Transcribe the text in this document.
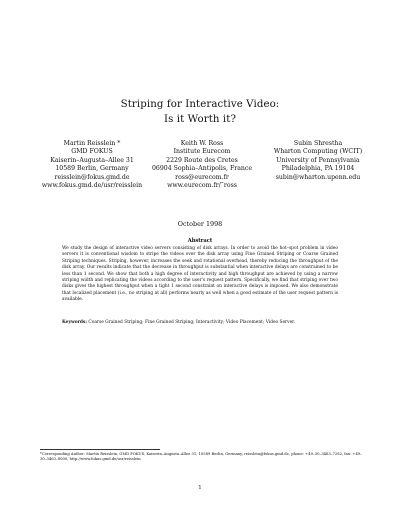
Striping for Interactive Video:
Is it Worth it?
Martin Reisslein *
GMD FOKUS
Kaiserin–Augusta–Allee 31
10589 Berlin, Germany
reisslein@fokus.gmd.de
www.fokus.gmd.de/usr/reisslein
Keith W. Ross
Institute Eurecom
2229 Route des Cretes
06904 Sophia–Antipolis, France
ross@eurecom.fr
www.eurecom.fr/˜ross
Subin Shrestha
Wharton Computing (WCIT)
University of Pennsylvania
Philadelphia, PA 19104
subin@wharton.upenn.edu
October 1998
Abstract
We study the design of interactive video servers consisting of disk arrays. In order to avoid the hot–spot problem in video servers it is conventional wisdom to stripe the videos over the disk array using Fine Grained Striping or Coarse Grained Striping techniques. Striping, however, increases the seek and rotational overhead, thereby reducing the throughput of the disk array. Our results indicate that the decrease in throughput is substantial when interactive delays are constrained to be less than 1 second. We show that both a high degree of interactivity and high throughput are achieved by using a narrow striping width and replicating the videos according to the user's request pattern. Specifically, we find that striping over two disks gives the highest throughput when a tight 1 second constraint on interactive delays is imposed. We also demonstrate that localized placement (i.e., no striping at all) performs nearly as well when a good estimate of the user request pattern is available.
Keywords: Coarse Grained Striping; Fine Grained Striping; Interactivity; Video Placement; Video Server.
*Corresponding Author: Martin Reisslein, GMD FOKUS, Kaiserin–Augusta–Allee 31, 10589 Berlin, Germany, reisslein@fokus.gmd.de, phone: +49–30–3463–7282, fax: +49–30–3463–8000, http://www.fokus.gmd.de/usr/reisslein
1
